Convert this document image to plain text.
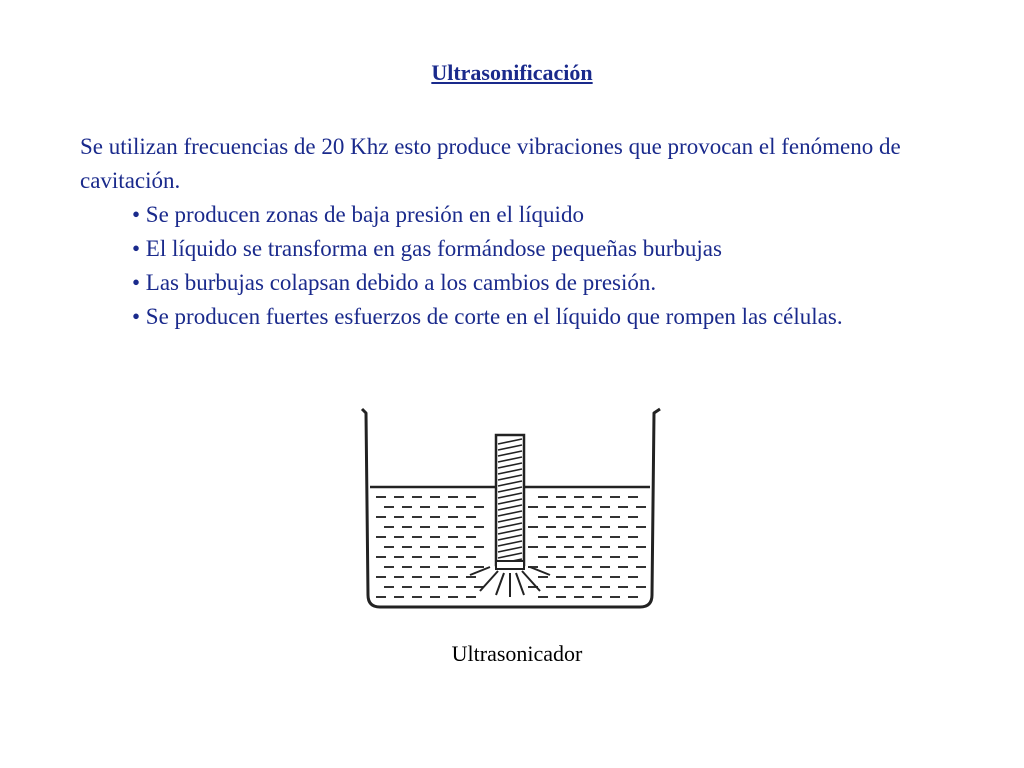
Ultrasonificación
Se utilizan frecuencias de 20 Khz esto produce vibraciones que provocan el fenómeno de cavitación.
• Se producen zonas de baja presión en el líquido
• El líquido se transforma en gas formándose pequeñas burbujas
• Las burbujas colapsan debido a los cambios de presión.
• Se producen fuertes esfuerzos de corte en el líquido que rompen las células.
Ultrasonicador
